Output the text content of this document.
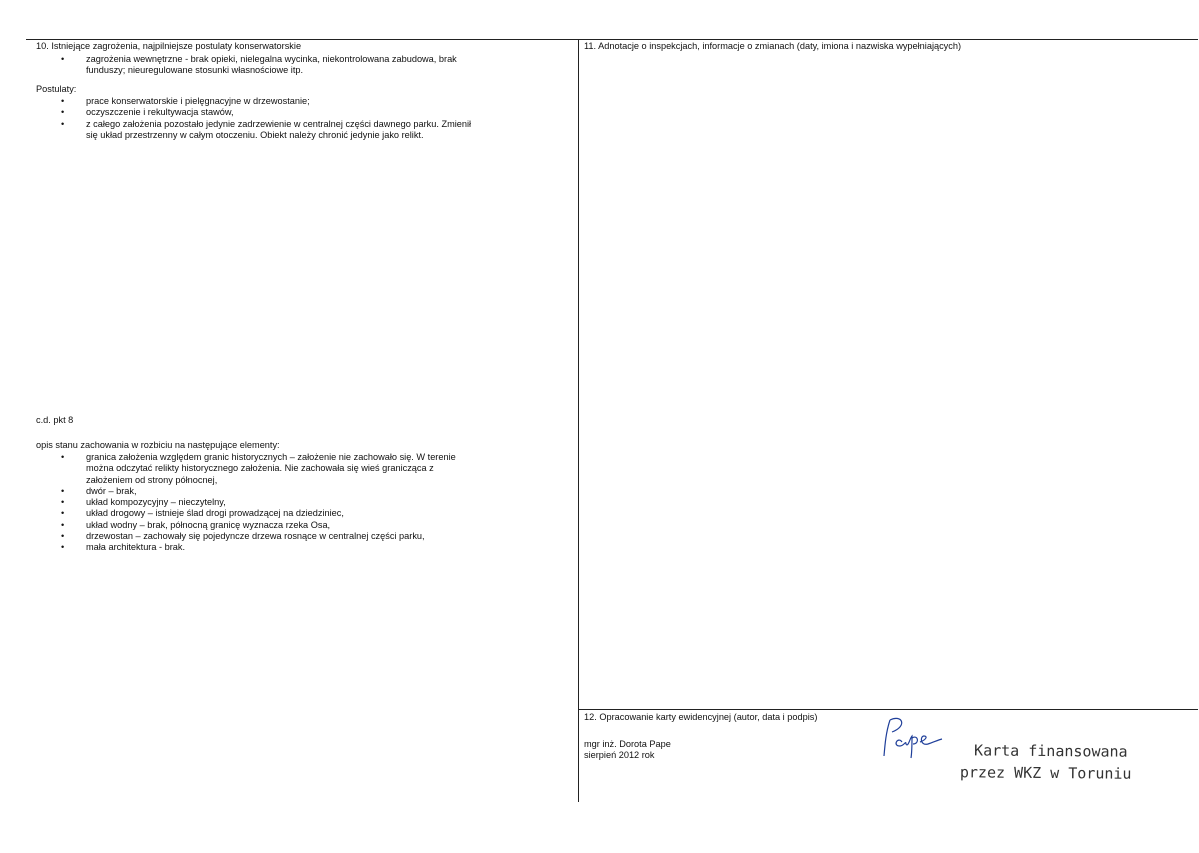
10. Istniejące zagrożenia, najpilniejsze postulaty konserwatorskie
• zagrożenia wewnętrzne - brak opieki, nielegalna wycinka, niekontrolowana zabudowa, brak
funduszy; nieuregulowane stosunki własnościowe itp.
Postulaty:
• prace konserwatorskie i pielęgnacyjne w drzewostanie;
• oczyszczenie i rekultywacja stawów,
• z całego założenia pozostało jedynie zadrzewienie w centralnej części dawnego parku. Zmienił
się układ przestrzenny w całym otoczeniu. Obiekt należy chronić jedynie jako relikt.
c.d. pkt 8
opis stanu zachowania w rozbiciu na następujące elementy:
• granica założenia względem granic historycznych – założenie nie zachowało się. W terenie
można odczytać relikty historycznego założenia. Nie zachowała się wieś granicząca z
założeniem od strony północnej,
• dwór – brak,
• układ kompozycyjny – nieczytelny,
• układ drogowy – istnieje ślad drogi prowadzącej na dziedziniec,
• układ wodny – brak, północną granicę wyznacza rzeka Osa,
• drzewostan – zachowały się pojedyncze drzewa rosnące w centralnej części parku,
• mała architektura - brak.
11. Adnotacje o inspekcjach, informacje o zmianach (daty, imiona i nazwiska wypełniających)
12. Opracowanie karty ewidencyjnej (autor, data i podpis)
mgr inż. Dorota Pape
sierpień 2012 rok	Karta finansowana
przez WKZ w Toruniu
